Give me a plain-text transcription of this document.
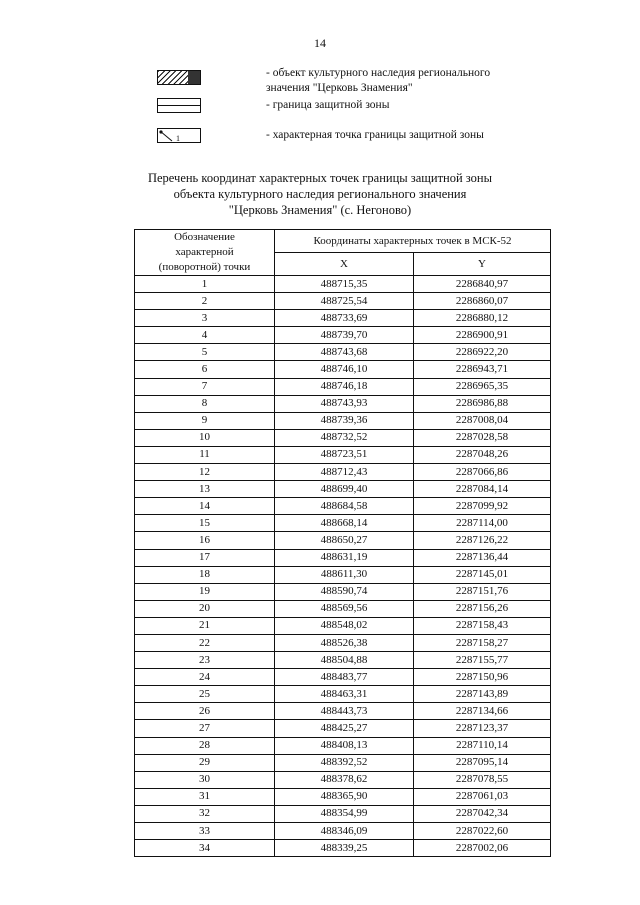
14
- объект культурного наследия регионального
значения "Церковь Знамения"
- граница защитной зоны
1	- характерная точка границы защитной зоны
Перечень координат характерных точек границы защитной зоны
объекта культурного наследия регионального значения
"Церковь Знамения" (с. Негоново)
Обозначение
характерной
(поворотной) точки	Координаты характерных точек в МСК-52	
	X	Y
1	488715,35	2286840,97
2	488725,54	2286860,07
3	488733,69	2286880,12
4	488739,70	2286900,91
5	488743,68	2286922,20
6	488746,10	2286943,71
7	488746,18	2286965,35
8	488743,93	2286986,88
9	488739,36	2287008,04
10	488732,52	2287028,58
11	488723,51	2287048,26
12	488712,43	2287066,86
13	488699,40	2287084,14
14	488684,58	2287099,92
15	488668,14	2287114,00
16	488650,27	2287126,22
17	488631,19	2287136,44
18	488611,30	2287145,01
19	488590,74	2287151,76
20	488569,56	2287156,26
21	488548,02	2287158,43
22	488526,38	2287158,27
23	488504,88	2287155,77
24	488483,77	2287150,96
25	488463,31	2287143,89
26	488443,73	2287134,66
27	488425,27	2287123,37
28	488408,13	2287110,14
29	488392,52	2287095,14
30	488378,62	2287078,55
31	488365,90	2287061,03
32	488354,99	2287042,34
33	488346,09	2287022,60
34	488339,25	2287002,06
